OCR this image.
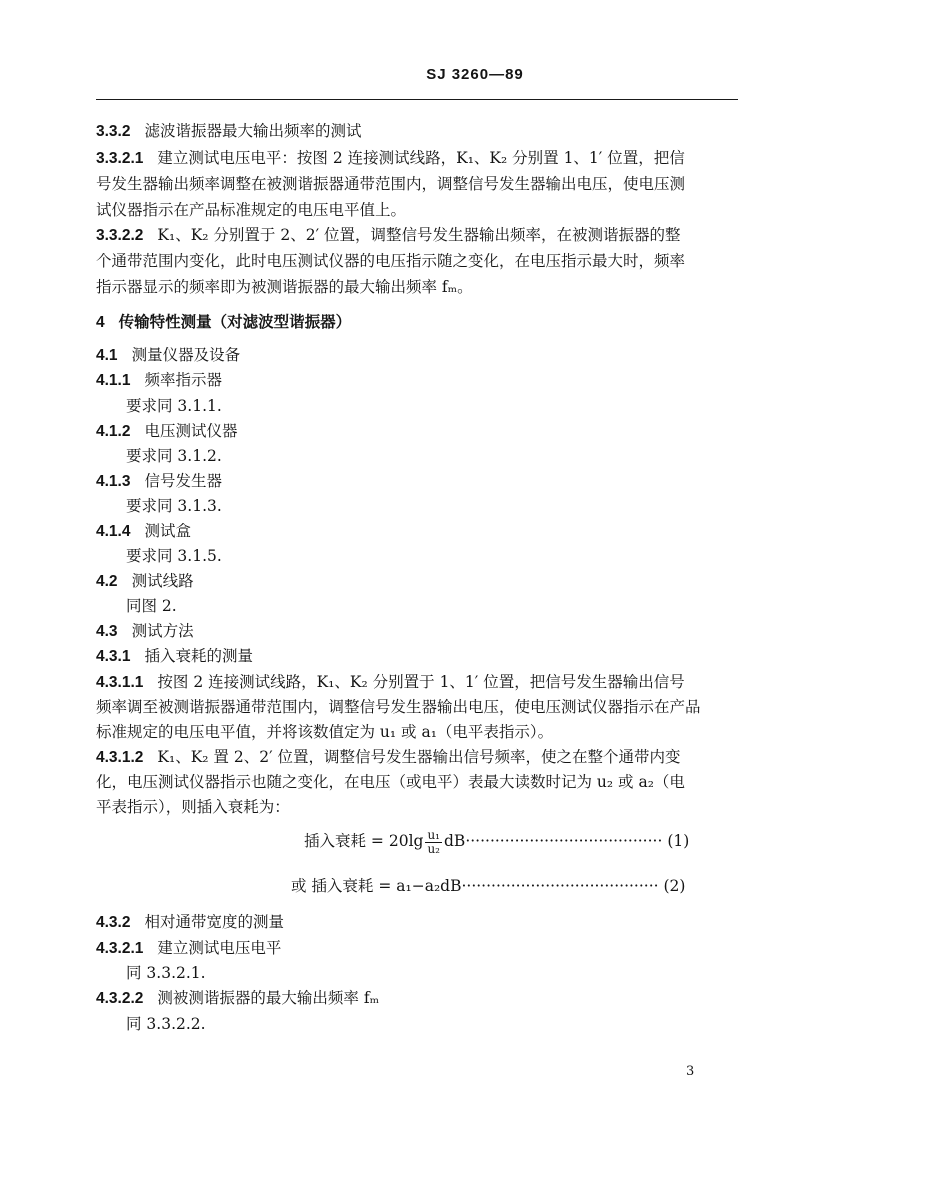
SJ 3260—89
3.3.2 滤波谐振器最大输出频率的测试
3.3.2.1 建立测试电压电平：按图 2 连接测试线路，K₁、K₂ 分别置 1、1′ 位置，把信
号发生器输出频率调整在被测谐振器通带范围内，调整信号发生器输出电压，使电压测
试仪器指示在产品标准规定的电压电平值上。
3.3.2.2 K₁、K₂ 分别置于 2、2′ 位置，调整信号发生器输出频率，在被测谐振器的整
个通带范围内变化，此时电压测试仪器的电压指示随之变化，在电压指示最大时，频率
指示器显示的频率即为被测谐振器的最大输出频率 fₘ。
4 传输特性测量（对滤波型谐振器）
4.1 测量仪器及设备
4.1.1 频率指示器
要求同 3.1.1.
4.1.2 电压测试仪器
要求同 3.1.2.
4.1.3 信号发生器
要求同 3.1.3.
4.1.4 测试盒
要求同 3.1.5.
4.2 测试线路
同图 2.
4.3 测试方法
4.3.1 插入衰耗的测量
4.3.1.1 按图 2 连接测试线路，K₁、K₂ 分别置于 1、1′ 位置，把信号发生器输出信号
频率调至被测谐振器通带范围内，调整信号发生器输出电压，使电压测试仪器指示在产品
标准规定的电压电平值，并将该数值定为 u₁ 或 a₁（电平表指示）。
4.3.1.2 K₁、K₂ 置 2、2′ 位置，调整信号发生器输出信号频率，使之在整个通带内变
化，电压测试仪器指示也随之变化，在电压（或电平）表最大读数时记为 u₂ 或 a₂（电
平表指示），则插入衰耗为：
插入衰耗 = $20\lg \frac{\text{u₁}}{\text{u₂}} dB\cdot\cdot\cdot\cdot\cdot\cdot\cdot\cdot\cdot\cdot\cdot\cdot\cdot\cdot\cdot\cdot\cdot\cdot\cdot\cdot\cdot\cdot\cdot\cdot\cdot\cdot\cdot\cdot\cdot\cdot\cdot\cdot\cdot\cdot\cdot\cdot\cdot\cdot\cdot\cdot (1)$
或 插入衰耗 = a₁−a₂dB········································ (2)
4.3.2 相对通带宽度的测量
4.3.2.1 建立测试电压电平
同 3.3.2.1.
4.3.2.2 测被测谐振器的最大输出频率 fₘ
同 3.3.2.2.
3
